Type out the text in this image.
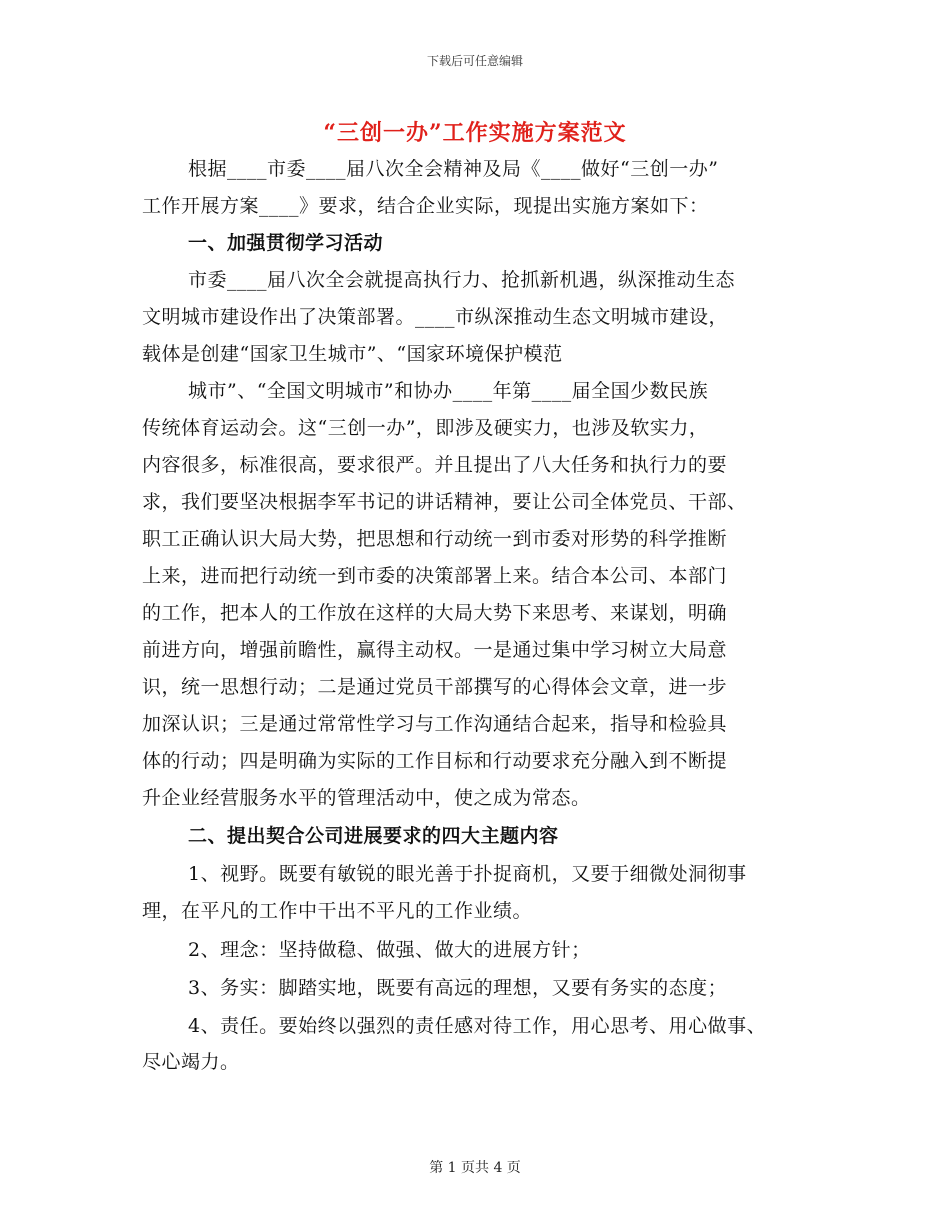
下载后可任意编辑
“三创一办”工作实施方案范文
根据____市委____届八次全会精神及局《____做好“三创一办”
工作开展方案____》要求，结合企业实际，现提出实施方案如下：
一、加强贯彻学习活动
市委____届八次全会就提高执行力、抢抓新机遇，纵深推动生态
文明城市建设作出了决策部署。____市纵深推动生态文明城市建设，
载体是创建“国家卫生城市”、“国家环境保护模范
城市”、“全国文明城市”和协办____年第____届全国少数民族
传统体育运动会。这“三创一办”，即涉及硬实力，也涉及软实力，
内容很多，标准很高，要求很严。并且提出了八大任务和执行力的要
求，我们要坚决根据李军书记的讲话精神，要让公司全体党员、干部、
职工正确认识大局大势，把思想和行动统一到市委对形势的科学推断
上来，进而把行动统一到市委的决策部署上来。结合本公司、本部门
的工作，把本人的工作放在这样的大局大势下来思考、来谋划，明确
前进方向，增强前瞻性，赢得主动权。一是通过集中学习树立大局意
识，统一思想行动；二是通过党员干部撰写的心得体会文章，进一步
加深认识；三是通过常常性学习与工作沟通结合起来，指导和检验具
体的行动；四是明确为实际的工作目标和行动要求充分融入到不断提
升企业经营服务水平的管理活动中，使之成为常态。
二、提出契合公司进展要求的四大主题内容
1、视野。既要有敏锐的眼光善于扑捉商机，又要于细微处洞彻事
理，在平凡的工作中干出不平凡的工作业绩。
2、理念：坚持做稳、做强、做大的进展方针；
3、务实：脚踏实地，既要有高远的理想，又要有务实的态度；
4、责任。要始终以强烈的责任感对待工作，用心思考、用心做事、
尽心竭力。
第 1 页共 4 页
